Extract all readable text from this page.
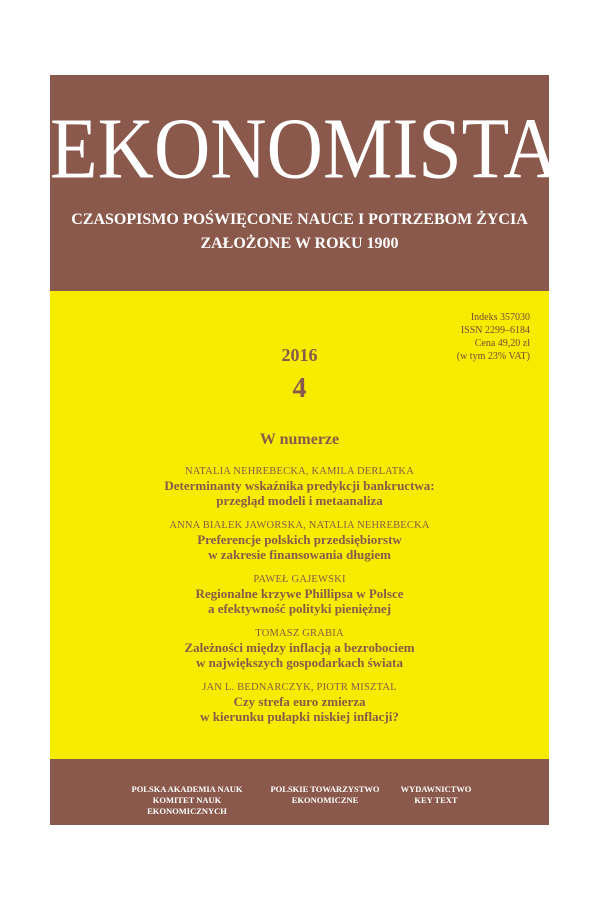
EKONOMISTA
CZASOPISMO POŚWIĘCONE NAUCE I POTRZEBOM ŻYCIA
ZAŁOŻONE W ROKU 1900
Indeks 357030
ISSN 2299–6184
Cena 49,20 zł
(w tym 23% VAT)
2016
4
W numerze
NATALIA NEHREBECKA, KAMILA DERLATKA
Determinanty wskaźnika predykcji bankructwa:
przegląd modeli i metaanaliza
ANNA BIAŁEK JAWORSKA, NATALIA NEHREBECKA
Preferencje polskich przedsiębiorstw
w zakresie finansowania długiem
PAWEŁ GAJEWSKI
Regionalne krzywe Phillipsa w Polsce
a efektywność polityki pieniężnej
TOMASZ GRABIA
Zależności między inflacją a bezrobociem
w największych gospodarkach świata
JAN L. BEDNARCZYK, PIOTR MISZTAL
Czy strefa euro zmierza
w kierunku pułapki niskiej inflacji?
POLSKA AKADEMIA NAUK
KOMITET NAUK EKONOMICZNYCH
POLSKIE TOWARZYSTWO
EKONOMICZNE
WYDAWNICTWO
KEY TEXT
